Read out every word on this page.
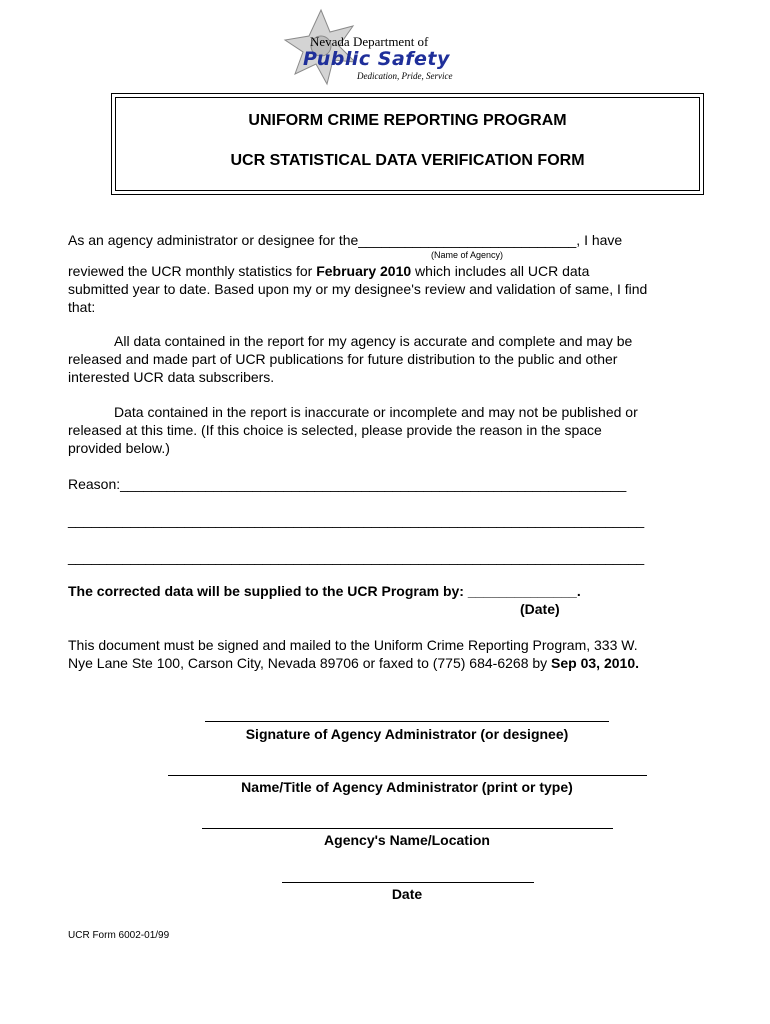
Nevada Department of
Public Safety
Dedication, Pride, Service
UNIFORM CRIME REPORTING PROGRAM
UCR STATISTICAL DATA VERIFICATION FORM
As an agency administrator or designee for the____________________________, I have
(Name of Agency)
reviewed the UCR monthly statistics for February 2010 which includes all UCR data
submitted year to date. Based upon my or my designee's review and validation of same, I find
that:
All data contained in the report for my agency is accurate and complete and may be
released and made part of UCR publications for future distribution to the public and other
interested UCR data subscribers.
Data contained in the report is inaccurate or incomplete and may not be published or
released at this time. (If this choice is selected, please provide the reason in the space
provided below.)
Reason:_________________________________________________________________
__________________________________________________________________________
__________________________________________________________________________
The corrected data will be supplied to the UCR Program by: ______________.
(Date)
This document must be signed and mailed to the Uniform Crime Reporting Program, 333 W.
Nye Lane Ste 100, Carson City, Nevada 89706 or faxed to (775) 684-6268 by Sep 03, 2010.
Signature of Agency Administrator (or designee)
Name/Title of Agency Administrator (print or type)
Agency's Name/Location
Date
UCR Form 6002-01/99
